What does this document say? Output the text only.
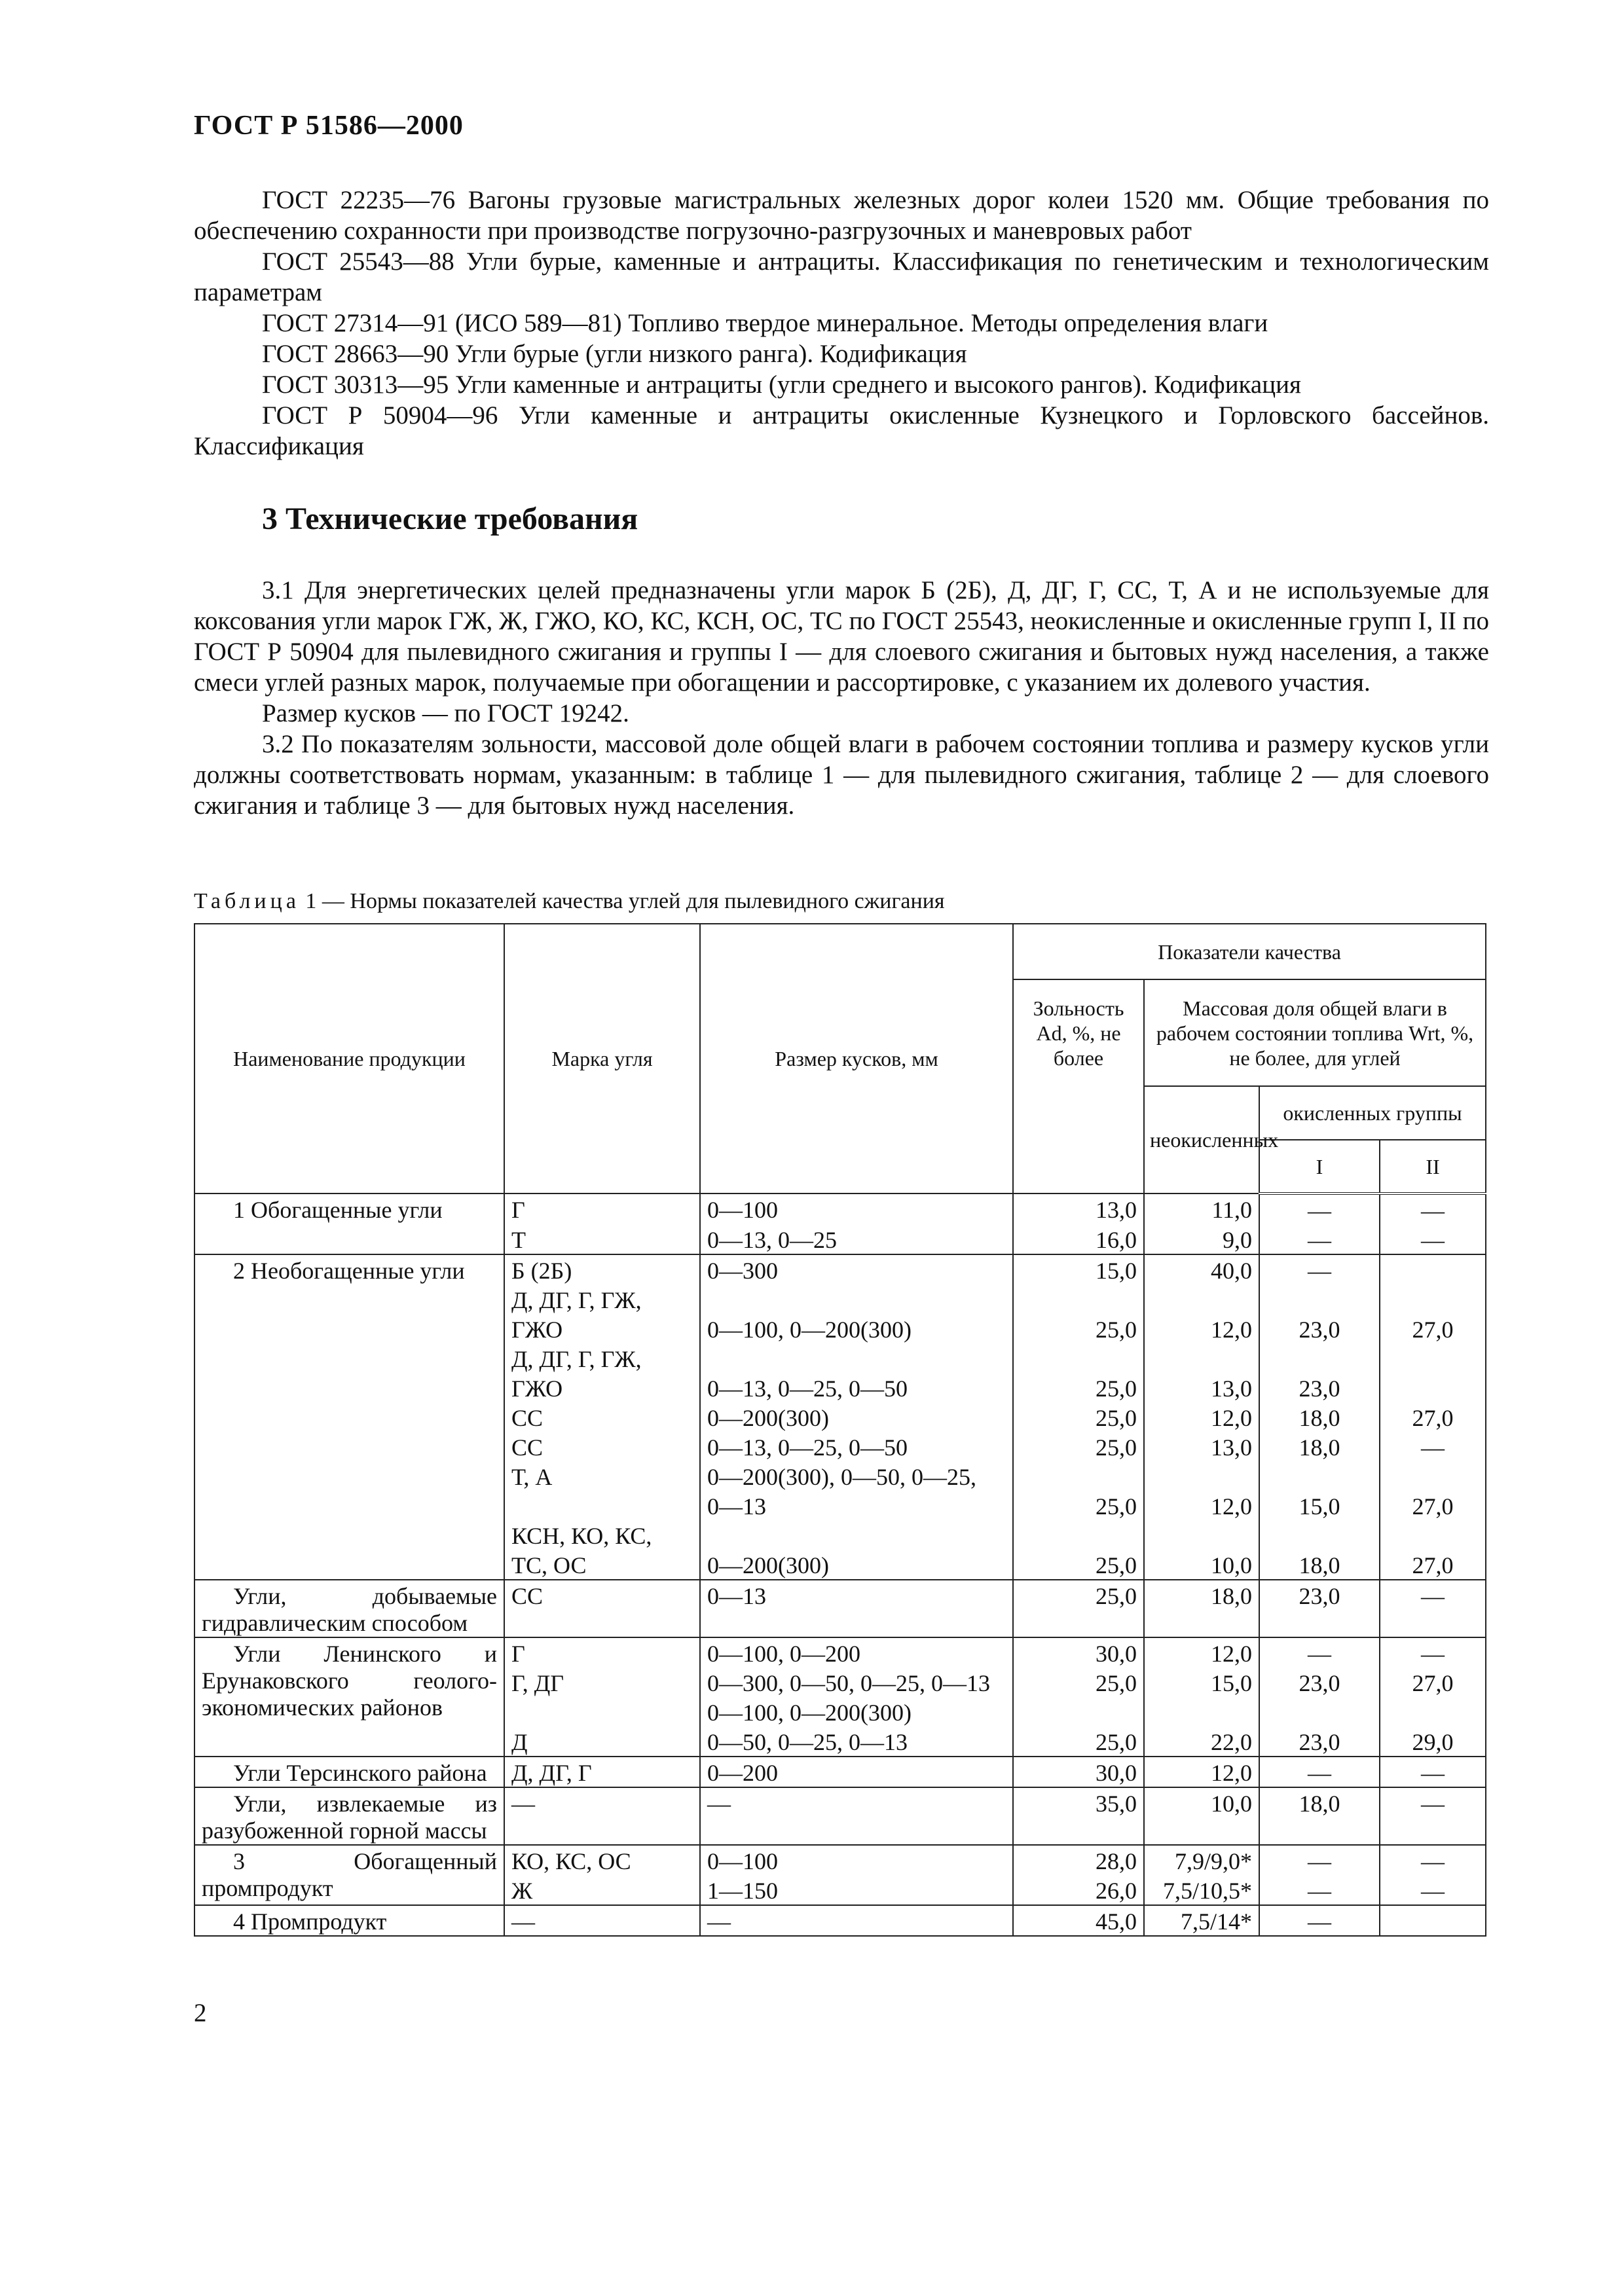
ГОСТ Р 51586—2000

ГОСТ 22235—76 Вагоны грузовые магистральных железных дорог колеи 1520 мм. Общие требования по обеспечению сохранности при производстве погрузочно-разгрузочных и маневровых работ

ГОСТ 25543—88 Угли бурые, каменные и антрациты. Классификация по генетическим и технологическим параметрам

ГОСТ 27314—91 (ИСО 589—81) Топливо твердое минеральное. Методы определения влаги

ГОСТ 28663—90 Угли бурые (угли низкого ранга). Кодификация

ГОСТ 30313—95 Угли каменные и антрациты (угли среднего и высокого рангов). Кодификация

ГОСТ Р 50904—96 Угли каменные и антрациты окисленные Кузнецкого и Горловского бассейнов. Классификация

3 Технические требования

3.1 Для энергетических целей предназначены угли марок Б (2Б), Д, ДГ, Г, СС, Т, А и не используемые для коксования угли марок ГЖ, Ж, ГЖО, КО, КС, КСН, ОС, ТС по ГОСТ 25543, неокисленные и окисленные групп I, II по ГОСТ Р 50904 для пылевидного сжигания и группы I — для слоевого сжигания и бытовых нужд населения, а также смеси углей разных марок, получаемые при обогащении и рассортировке, с указанием их долевого участия.

Размер кусков — по ГОСТ 19242.

3.2 По показателям зольности, массовой доле общей влаги в рабочем состоянии топлива и размеру кусков угли должны соответствовать нормам, указанным: в таблице 1 — для пылевидного сжигания, таблице 2 — для слоевого сжигания и таблице 3 — для бытовых нужд населения.

Таблица 1 — Нормы показателей качества углей для пылевидного сжигания
Наименование продукции	Марка угля	Размер кусков, мм	Показатели качества			
			Зольность Ad, %, не более	Массовая доля общей влаги в рабочем состоянии топлива Wrt, %, не более, для углей		
				неокисленных	окисленных группы	
					I	II
1 Обогащенные угли	Г	0—100	13,0	11,0	—	—
	Т	0—13, 0—25	16,0	9,0	—	—
2 Необогащенные угли	Б (2Б)	0—300	15,0	40,0	—	
	Д, ДГ, Г, ГЖ,					
	ГЖО	0—100, 0—200(300)	25,0	12,0	23,0	27,0
	Д, ДГ, Г, ГЖ,					
	ГЖО	0—13, 0—25, 0—50	25,0	13,0	23,0	
	СС	0—200(300)	25,0	12,0	18,0	27,0
	СС	0—13, 0—25, 0—50	25,0	13,0	18,0	—
	Т, А	0—200(300), 0—50, 0—25,				
		0—13	25,0	12,0	15,0	27,0
	КСН, КО, КС,					
	ТС, ОС	0—200(300)	25,0	10,0	18,0	27,0
Угли, добываемые гидравлическим способом	СС	0—13	25,0	18,0	23,0	—
Угли Ленинского и Ерунаковского геолого-экономических районов	Г	0—100, 0—200	30,0	12,0	—	—
	Г, ДГ	0—300, 0—50, 0—25, 0—13	25,0	15,0	23,0	27,0
		0—100, 0—200(300)				
	Д	0—50, 0—25, 0—13	25,0	22,0	23,0	29,0
Угли Терсинского района	Д, ДГ, Г	0—200	30,0	12,0	—	—
Угли, извлекаемые из разубоженной горной массы	—	—	35,0	10,0	18,0	—
3 Обогащенный промпродукт	КО, КС, ОС	0—100	28,0	7,9/9,0*	—	—
	Ж	1—150	26,0	7,5/10,5*	—	—
4 Промпродукт	—	—	45,0	7,5/14*	—	
2
